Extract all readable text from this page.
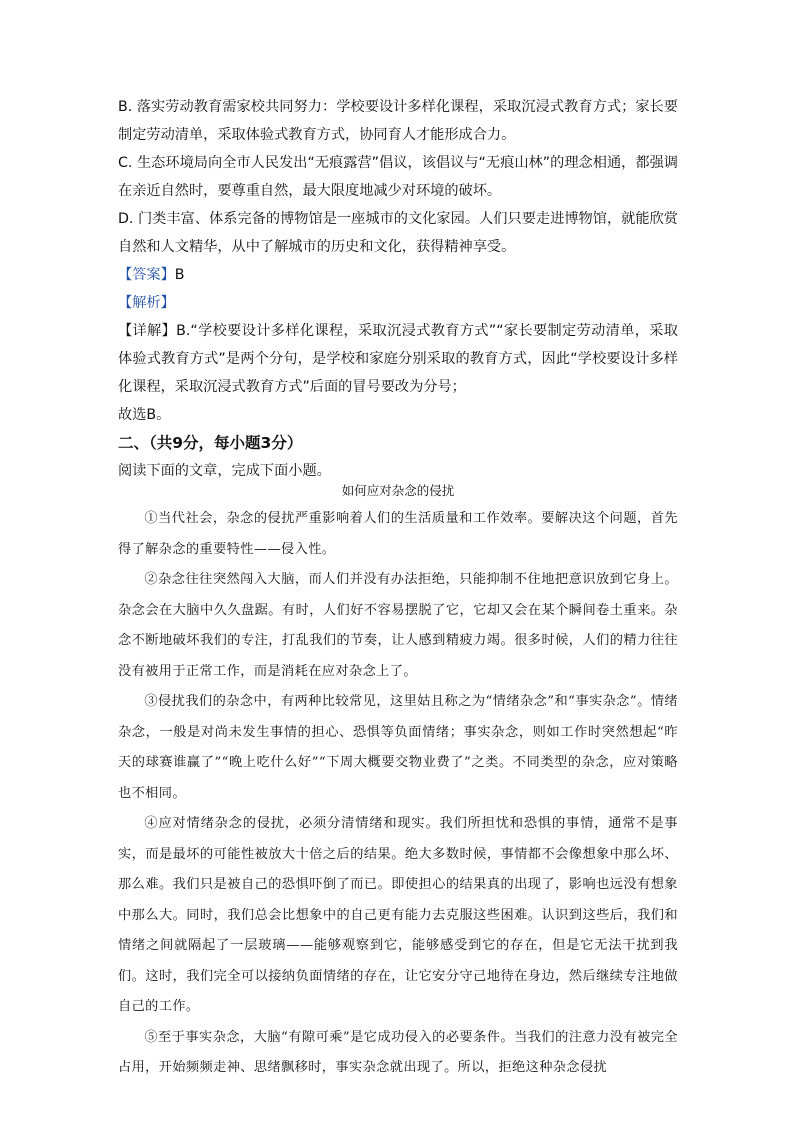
B. 落实劳动教育需家校共同努力：学校要设计多样化课程，采取沉浸式教育方式；家长要制定劳动清单，采取体验式教育方式，协同育人才能形成合力。

C. 生态环境局向全市人民发出“无痕露营”倡议，该倡议与“无痕山林”的理念相通，都强调在亲近自然时，要尊重自然，最大限度地减少对环境的破坏。

D. 门类丰富、体系完备的博物馆是一座城市的文化家园。人们只要走进博物馆，就能欣赏自然和人文精华，从中了解城市的历史和文化，获得精神享受。

【答案】B

【解析】

【详解】B.“学校要设计多样化课程，采取沉浸式教育方式”“家长要制定劳动清单，采取体验式教育方式”是两个分句，是学校和家庭分别采取的教育方式，因此“学校要设计多样化课程，采取沉浸式教育方式”后面的冒号要改为分号；

故选B。

二、（共9分，每小题3分）

阅读下面的文章，完成下面小题。

如何应对杂念的侵扰

①当代社会，杂念的侵扰严重影响着人们的生活质量和工作效率。要解决这个问题，首先得了解杂念的重要特性——侵入性。

②杂念往往突然闯入大脑，而人们并没有办法拒绝，只能抑制不住地把意识放到它身上。杂念会在大脑中久久盘踞。有时，人们好不容易摆脱了它，它却又会在某个瞬间卷土重来。杂念不断地破坏我们的专注，打乱我们的节奏，让人感到精疲力竭。很多时候，人们的精力往往没有被用于正常工作，而是消耗在应对杂念上了。

③侵扰我们的杂念中，有两种比较常见，这里姑且称之为“情绪杂念”和“事实杂念”。情绪杂念，一般是对尚未发生事情的担心、恐惧等负面情绪；事实杂念，则如工作时突然想起“昨天的球赛谁赢了”“晚上吃什么好”“下周大概要交物业费了”之类。不同类型的杂念，应对策略也不相同。

④应对情绪杂念的侵扰，必须分清情绪和现实。我们所担忧和恐惧的事情，通常不是事实，而是最坏的可能性被放大十倍之后的结果。绝大多数时候，事情都不会像想象中那么坏、那么难。我们只是被自己的恐惧吓倒了而已。即使担心的结果真的出现了，影响也远没有想象中那么大。同时，我们总会比想象中的自己更有能力去克服这些困难。认识到这些后，我们和情绪之间就隔起了一层玻璃——能够观察到它，能够感受到它的存在，但是它无法干扰到我们。这时，我们完全可以接纳负面情绪的存在，让它安分守己地待在身边，然后继续专注地做自己的工作。

⑤至于事实杂念，大脑“有隙可乘”是它成功侵入的必要条件。当我们的注意力没有被完全占用，开始频频走神、思绪飘移时，事实杂念就出现了。所以，拒绝这种杂念侵扰
